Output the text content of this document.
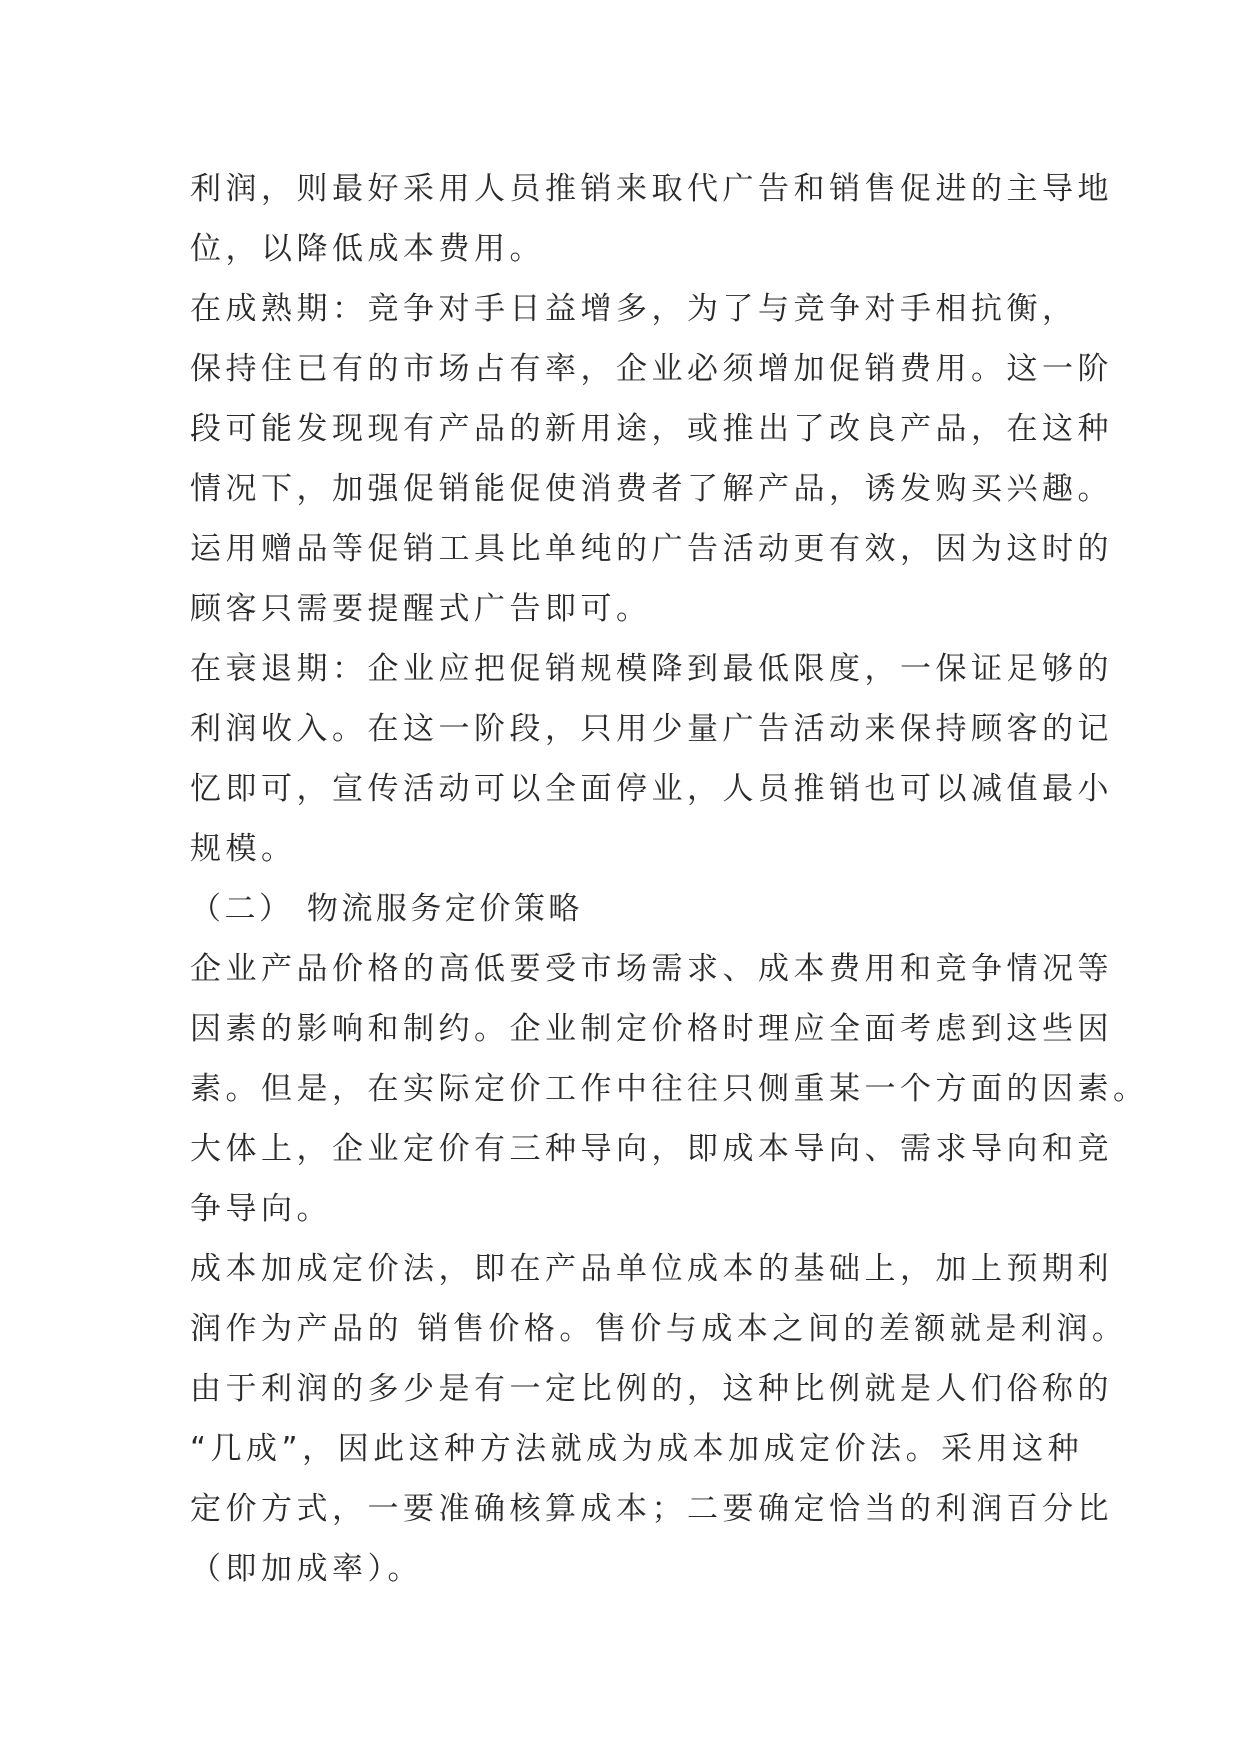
利润，则最好采用人员推销来取代广告和销售促进的主导地
位，以降低成本费用。
在成熟期：竞争对手日益增多，为了与竞争对手相抗衡，
保持住已有的市场占有率，企业必须增加促销费用。这一阶
段可能发现现有产品的新用途，或推出了改良产品，在这种
情况下，加强促销能促使消费者了解产品，诱发购买兴趣。
运用赠品等促销工具比单纯的广告活动更有效，因为这时的
顾客只需要提醒式广告即可。
在衰退期：企业应把促销规模降到最低限度，一保证足够的
利润收入。在这一阶段，只用少量广告活动来保持顾客的记
忆即可，宣传活动可以全面停业，人员推销也可以减值最小
规模。
（二） 物流服务定价策略
企业产品价格的高低要受市场需求、成本费用和竞争情况等
因素的影响和制约。企业制定价格时理应全面考虑到这些因
素。但是，在实际定价工作中往往只侧重某一个方面的因素。
大体上，企业定价有三种导向，即成本导向、需求导向和竞
争导向。
成本加成定价法，即在产品单位成本的基础上，加上预期利
润作为产品的 销售价格。售价与成本之间的差额就是利润。
由于利润的多少是有一定比例的，这种比例就是人们俗称的
“几成”，因此这种方法就成为成本加成定价法。采用这种
定价方式，一要准确核算成本；二要确定恰当的利润百分比
（即加成率）。
